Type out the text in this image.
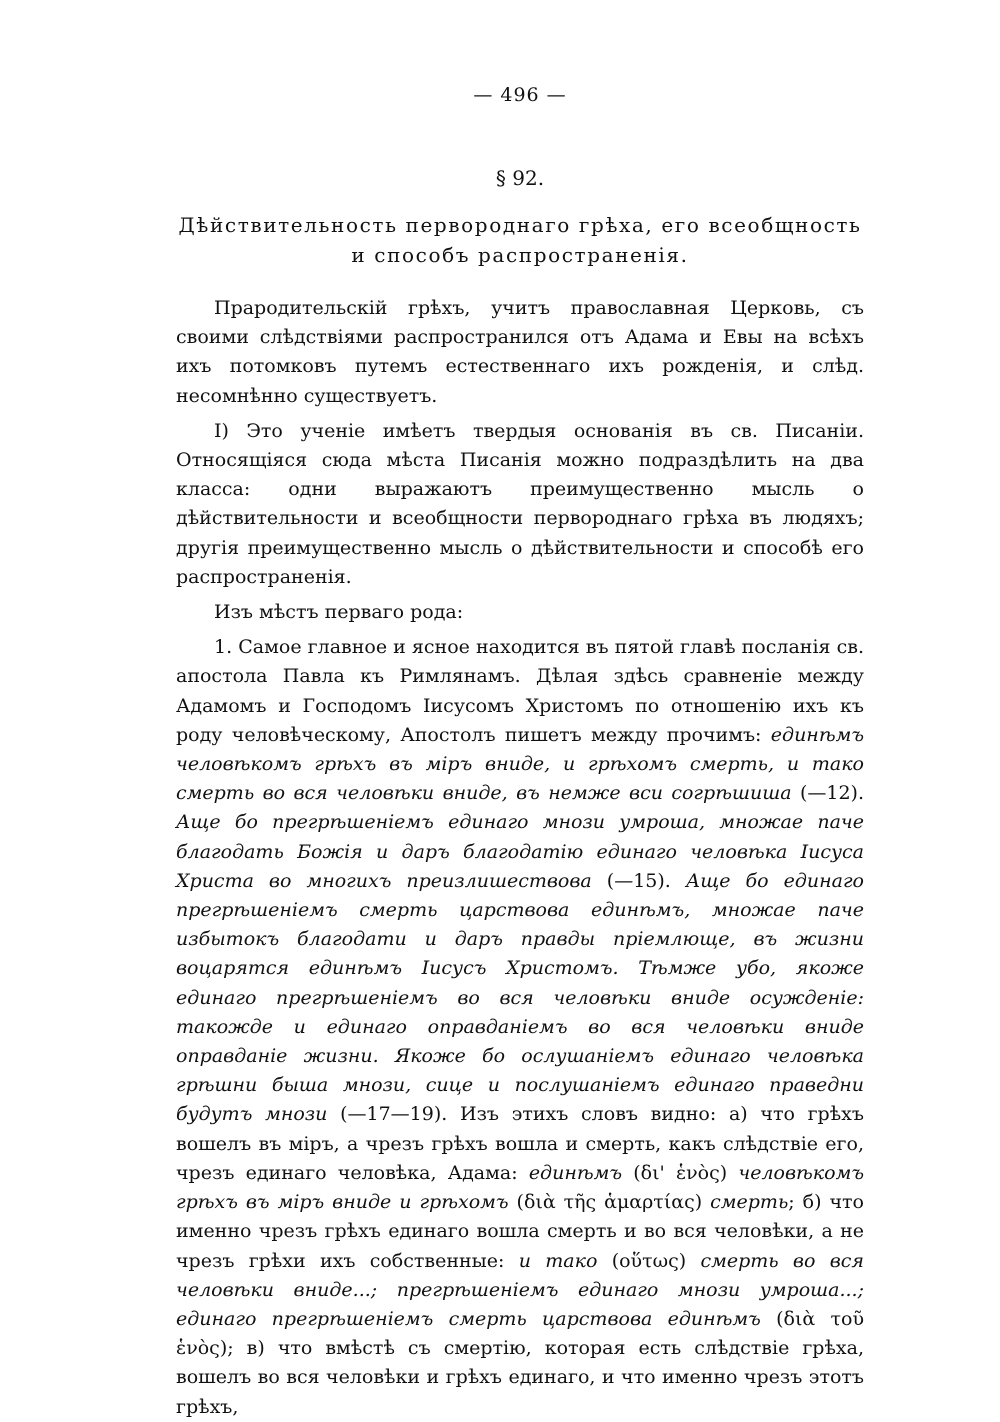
— 496 —
§ 92.
Дѣйствительность первороднаго грѣха, его всеобщность
и способъ распространенія.

Прародительскій грѣхъ, учитъ православная Церковь, съ своими слѣдствіями распространился отъ Адама и Евы на всѣхъ ихъ потомковъ путемъ естественнаго ихъ рожденія, и слѣд. несомнѣнно существуетъ.

I) Это ученіе имѣетъ твердыя основанія въ св. Писаніи. Относящіяся сюда мѣста Писанія можно подраздѣлить на два класса: одни выражаютъ преимущественно мысль о дѣйствительности и всеобщности первороднаго грѣха въ людяхъ; другія преимущественно мысль о дѣйствительности и способѣ его распространенія.

Изъ мѣстъ перваго рода:

1. Самое главное и ясное находится въ пятой главѣ посланія св. апостола Павла къ Римлянамъ. Дѣлая здѣсь сравненіе между Адамомъ и Господомъ Іисусомъ Христомъ по отношенію ихъ къ роду человѣческому, Апостолъ пишетъ между прочимъ: единѣмъ человѣкомъ грѣхъ въ міръ вниде, и грѣхомъ смерть, и тако смерть во вся человѣки вниде, въ немже вси согрѣшиша (—12). Аще бо прегрѣшеніемъ единаго мнози умроша, множае паче благодать Божія и даръ благодатію единаго человѣка Іисуса Христа во многихъ преизлишествова (—15). Аще бо единаго прегрѣшеніемъ смерть царствова единѣмъ, множае паче избытокъ благодати и даръ правды пріемлюще, въ жизни воцарятся единѣмъ Іисусъ Христомъ. Тѣмже убо, якоже единаго прегрѣшеніемъ во вся человѣки вниде осужденіе: такожде и единаго оправданіемъ во вся человѣки вниде оправданіе жизни. Якоже бо ослушаніемъ единаго человѣка грѣшни быша мнози, сице и послушаніемъ единаго праведни будутъ мнози (—17—19). Изъ этихъ словъ видно: а) что грѣхъ вошелъ въ міръ, а чрезъ грѣхъ вошла и смерть, какъ слѣдствіе его, чрезъ единаго человѣка, Адама: единѣмъ (δι' ἑνὸς) человѣкомъ грѣхъ въ міръ вниде и грѣхомъ (διὰ τῆς ἁμαρτίας) смерть; б) что именно чрезъ грѣхъ единаго вошла смерть и во вся человѣки, а не чрезъ грѣхи ихъ собственные: и тако (οὕτως) смерть во вся человѣки вниде...; прегрѣшеніемъ единаго мнози умроша...; единаго прегрѣшеніемъ смерть царствова единѣмъ (διὰ τοῦ ἑνὸς); в) что вмѣстѣ съ смертію, которая есть слѣдствіе грѣха, вошелъ во вся человѣки и грѣхъ единаго, и что именно чрезъ этотъ грѣхъ,
